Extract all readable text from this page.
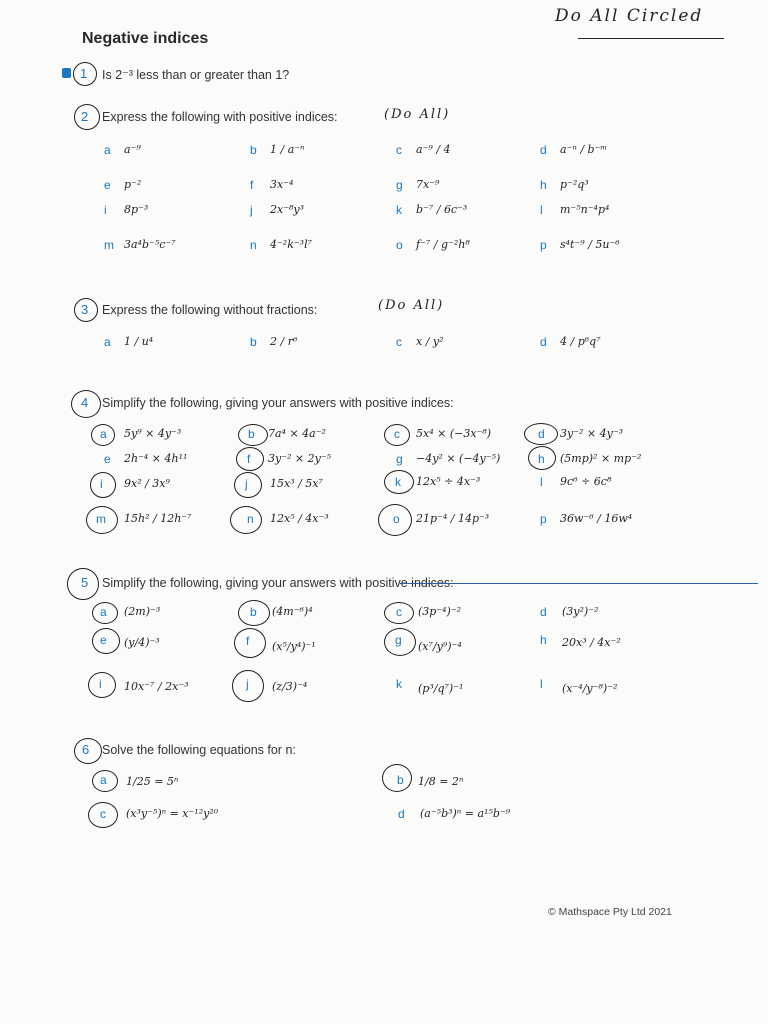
Do All Circled
Negative indices
1 Is 2⁻³ less than or greater than 1?
2 Express the following with positive indices:	(Do All)
a a⁻⁹	b 1 / a⁻ⁿ	c a⁻⁹ / 4	d a⁻ⁿ / b⁻ᵐ
e p⁻²	f 3x⁻⁴	g 7x⁻⁹	h p⁻²q³
i 8p⁻³	j 2x⁻⁸y³	k b⁻⁷ / 6c⁻³	l m⁻⁵n⁻⁴p⁴
m 3a⁴b⁻⁵c⁻⁷	n 4⁻²k⁻³l⁷	o f⁻⁷ / g⁻²h⁸	p s⁴t⁻⁹ / 5u⁻⁶
3 Express the following without fractions:	(Do All)
a 1 / u⁴	b 2 / r⁶	c x / y²	d 4 / p⁶q⁷
4 Simplify the following, giving your answers with positive indices:
a 5y⁹ × 4y⁻³	b 7a⁴ × 4a⁻²	c 5x⁴ × (−3x⁻⁸)	d 3y⁻² × 4y⁻³
e 2h⁻⁴ × 4h¹¹	f 3y⁻² × 2y⁻⁵	g −4y² × (−4y⁻⁵)	h (5mp)² × mp⁻²
i 9x² / 3x⁹	j 15x³ / 5x⁷	k 12x⁵ ÷ 4x⁻³	l 9c⁶ ÷ 6c⁸
m 15h² / 12h⁻⁷	n 12x⁵ / 4x⁻³	o 21p⁻⁴ / 14p⁻³	p 36w⁻⁶ / 16w⁴
5 Simplify the following, giving your answers with positive indices:
a (2m)⁻³	b (4m⁻⁶)⁴	c (3p⁻⁴)⁻²	d (3y²)⁻²
e (y/4)⁻³	f (x⁵/y⁴)⁻¹	g (x⁷/y⁹)⁻⁴	h 20x³ / 4x⁻²
i 10x⁻⁷ / 2x⁻³	j (z/3)⁻⁴	k (p³/q⁷)⁻¹	l (x⁻⁴/y⁻⁸)⁻²
6 Solve the following equations for n:
a 1/25 = 5ⁿ	b 1/8 = 2ⁿ
c (x³y⁻⁵)ⁿ = x⁻¹²y²⁰	d (a⁻⁵b³)ⁿ = a¹⁵b⁻⁹
© Mathspace Pty Ltd 2021
